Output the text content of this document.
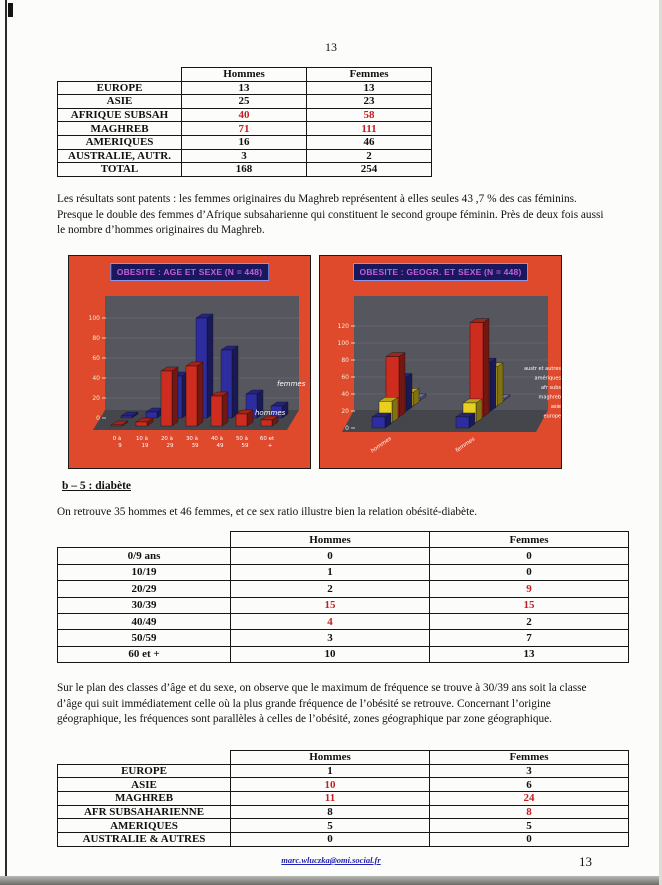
13
	Hommes	Femmes
EUROPE	13	13
ASIE	25	23
AFRIQUE SUBSAH	40	58
MAGHREB	71	111
AMERIQUES	16	46
AUSTRALIE, AUTR.	3	2
TOTAL	168	254

Les résultats sont patents : les femmes originaires du Maghreb représentent à elles seules 43 ,7 % des cas féminins. Presque le double des femmes d’Afrique subsaharienne qui constituent le second groupe féminin. Près de deux fois aussi le nombre d’hommes originaires du Maghreb.

OBESITE : AGE ET SEXE (N = 448)
0
20
40
60
80
100
0 à
9
10 à
19
20 à
29
30 à
39
40 à
49
50 à
59
60 et
+
femmes
hommes
OBESITE : GEOGR. ET SEXE (N = 448)
0
20
40
60
80
100
120
austr et autres
amériques
afr subs
maghreb
asie
europe
hommes	femmes
b – 5 : diabète

On retrouve 35 hommes et 46 femmes, et ce sex ratio illustre bien la relation obésité-diabète.

	Hommes	Femmes
0/9 ans	0	0
10/19	1	0
20/29	2	9
30/39	15	15
40/49	4	2
50/59	3	7
60 et +	10	13

Sur le plan des classes d’âge et du sexe, on observe que le maximum de fréquence se trouve à 30/39 ans soit la classe d’âge qui suit immédiatement celle où la plus grande fréquence de l’obésité se retrouve. Concernant l’origine géographique, les fréquences sont parallèles à celles de l’obésité, zones géographique par zone géographique.

	Hommes	Femmes
EUROPE	1	3
ASIE	10	6
MAGHREB	11	24
AFR SUBSAHARIENNE	8	8
AMERIQUES	5	5
AUSTRALIE & AUTRES	0	0
marc.wluczka@omi.social.fr	13
